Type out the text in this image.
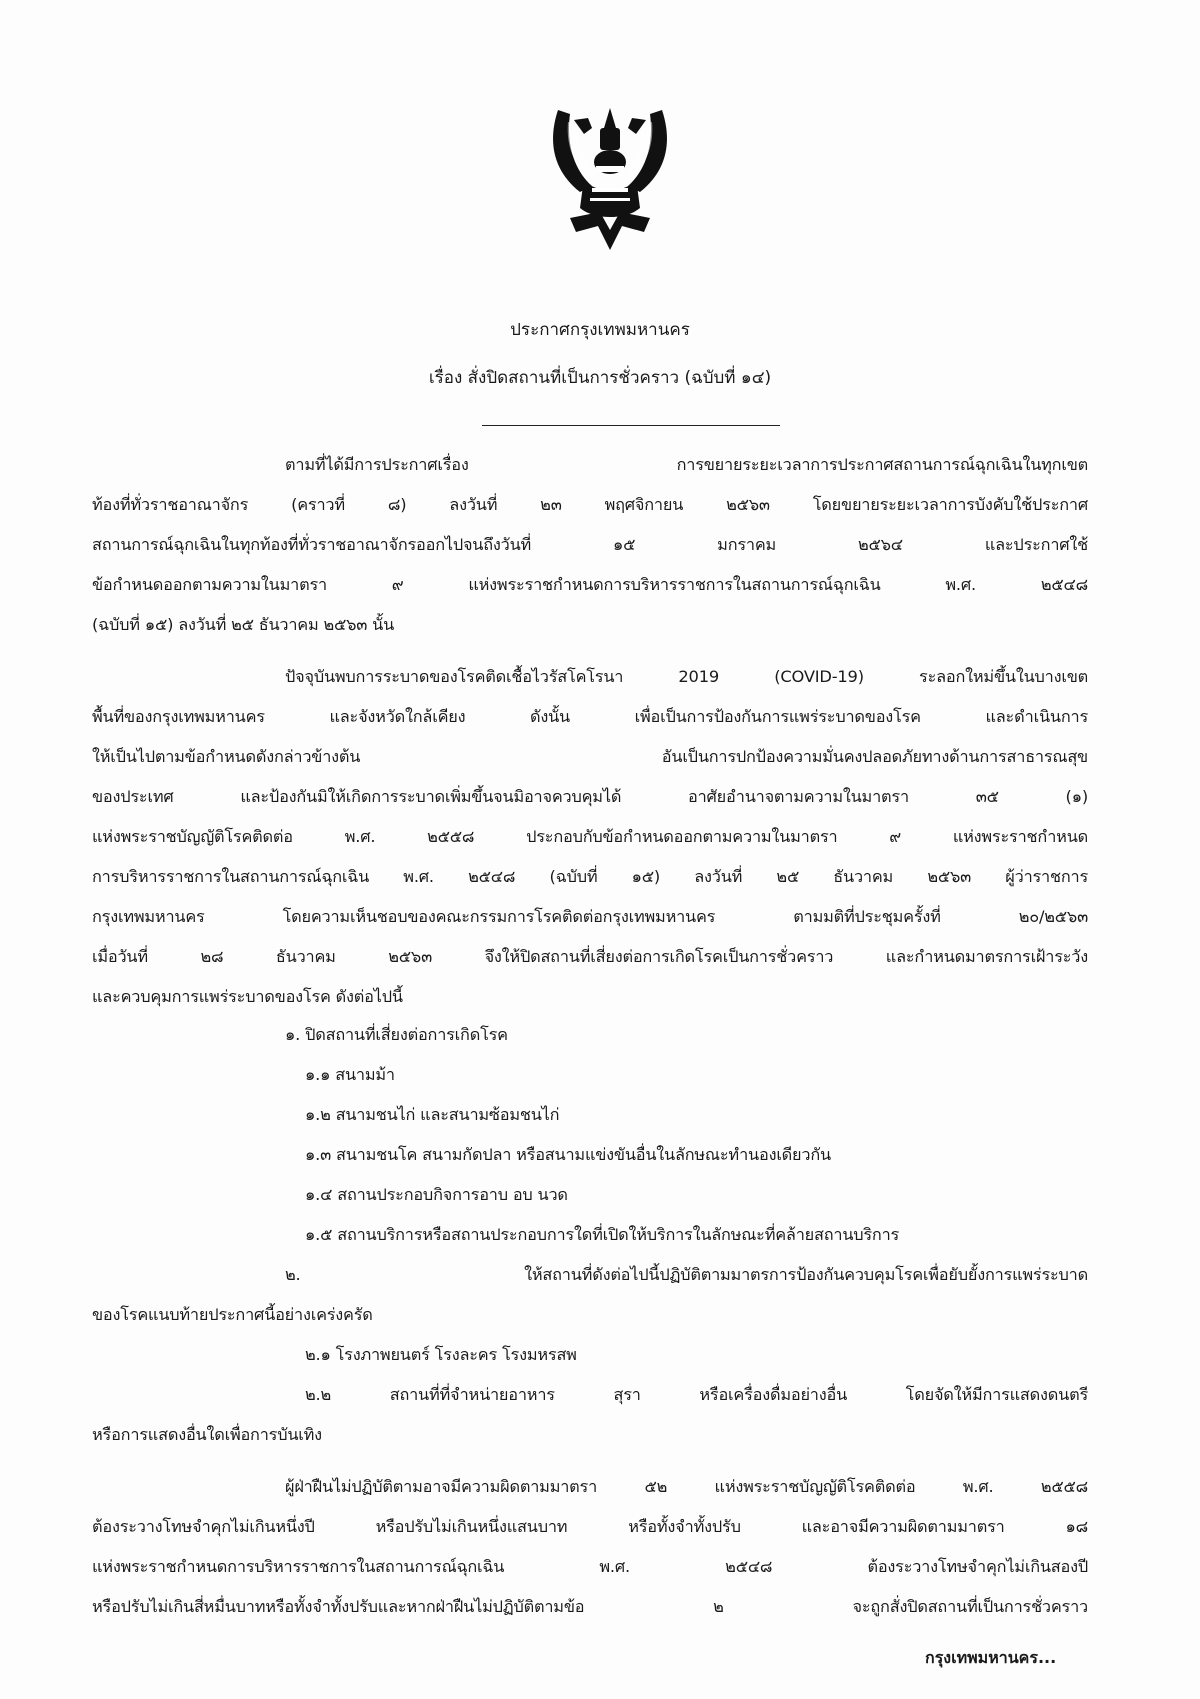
ประกาศกรุงเทพมหานคร
เรื่อง สั่งปิดสถานที่เป็นการชั่วคราว (ฉบับที่ ๑๔)
ตามที่ได้มีการประกาศเรื่อง การขยายระยะเวลาการประกาศสถานการณ์ฉุกเฉินในทุกเขต
ท้องที่ทั่วราชอาณาจักร (คราวที่ ๘) ลงวันที่ ๒๓ พฤศจิกายน ๒๕๖๓ โดยขยายระยะเวลาการบังคับใช้ประกาศ
สถานการณ์ฉุกเฉินในทุกท้องที่ทั่วราชอาณาจักรออกไปจนถึงวันที่ ๑๕ มกราคม ๒๕๖๔ และประกาศใช้
ข้อกำหนดออกตามความในมาตรา ๙ แห่งพระราชกำหนดการบริหารราชการในสถานการณ์ฉุกเฉิน พ.ศ. ๒๕๔๘
(ฉบับที่ ๑๕) ลงวันที่ ๒๕ ธันวาคม ๒๕๖๓ นั้น
ปัจจุบันพบการระบาดของโรคติดเชื้อไวรัสโคโรนา 2019 (COVID-19) ระลอกใหม่ขึ้นในบางเขต
พื้นที่ของกรุงเทพมหานคร และจังหวัดใกล้เคียง ดังนั้น เพื่อเป็นการป้องกันการแพร่ระบาดของโรค และดำเนินการ
ให้เป็นไปตามข้อกำหนดดังกล่าวข้างต้น อันเป็นการปกป้องความมั่นคงปลอดภัยทางด้านการสาธารณสุข
ของประเทศ และป้องกันมิให้เกิดการระบาดเพิ่มขึ้นจนมิอาจควบคุมได้ อาศัยอำนาจตามความในมาตรา ๓๕ (๑)
แห่งพระราชบัญญัติโรคติดต่อ พ.ศ. ๒๕๕๘ ประกอบกับข้อกำหนดออกตามความในมาตรา ๙ แห่งพระราชกำหนด
การบริหารราชการในสถานการณ์ฉุกเฉิน พ.ศ. ๒๕๔๘ (ฉบับที่ ๑๕) ลงวันที่ ๒๕ ธันวาคม ๒๕๖๓ ผู้ว่าราชการ
กรุงเทพมหานคร โดยความเห็นชอบของคณะกรรมการโรคติดต่อกรุงเทพมหานคร ตามมติที่ประชุมครั้งที่ ๒๐/๒๕๖๓
เมื่อวันที่ ๒๘ ธันวาคม ๒๕๖๓ จึงให้ปิดสถานที่เสี่ยงต่อการเกิดโรคเป็นการชั่วคราว และกำหนดมาตรการเฝ้าระวัง
และควบคุมการแพร่ระบาดของโรค ดังต่อไปนี้
๑. ปิดสถานที่เสี่ยงต่อการเกิดโรค
๑.๑ สนามม้า
๑.๒ สนามชนไก่ และสนามซ้อมชนไก่
๑.๓ สนามชนโค สนามกัดปลา หรือสนามแข่งขันอื่นในลักษณะทำนองเดียวกัน
๑.๔ สถานประกอบกิจการอาบ อบ นวด
๑.๕ สถานบริการหรือสถานประกอบการใดที่เปิดให้บริการในลักษณะที่คล้ายสถานบริการ
๒. ให้สถานที่ดังต่อไปนี้ปฏิบัติตามมาตรการป้องกันควบคุมโรคเพื่อยับยั้งการแพร่ระบาด
ของโรคแนบท้ายประกาศนี้อย่างเคร่งครัด
๒.๑ โรงภาพยนตร์ โรงละคร โรงมหรสพ
๒.๒ สถานที่ที่จำหน่ายอาหาร สุรา หรือเครื่องดื่มอย่างอื่น โดยจัดให้มีการแสดงดนตรี
หรือการแสดงอื่นใดเพื่อการบันเทิง
ผู้ฝ่าฝืนไม่ปฏิบัติตามอาจมีความผิดตามมาตรา ๕๒ แห่งพระราชบัญญัติโรคติดต่อ พ.ศ. ๒๕๕๘
ต้องระวางโทษจำคุกไม่เกินหนึ่งปี หรือปรับไม่เกินหนึ่งแสนบาท หรือทั้งจำทั้งปรับ และอาจมีความผิดตามมาตรา ๑๘
แห่งพระราชกำหนดการบริหารราชการในสถานการณ์ฉุกเฉิน พ.ศ. ๒๕๔๘ ต้องระวางโทษจำคุกไม่เกินสองปี
หรือปรับไม่เกินสี่หมื่นบาทหรือทั้งจำทั้งปรับและหากฝ่าฝืนไม่ปฏิบัติตามข้อ ๒ จะถูกสั่งปิดสถานที่เป็นการชั่วคราว
กรุงเทพมหานคร...
